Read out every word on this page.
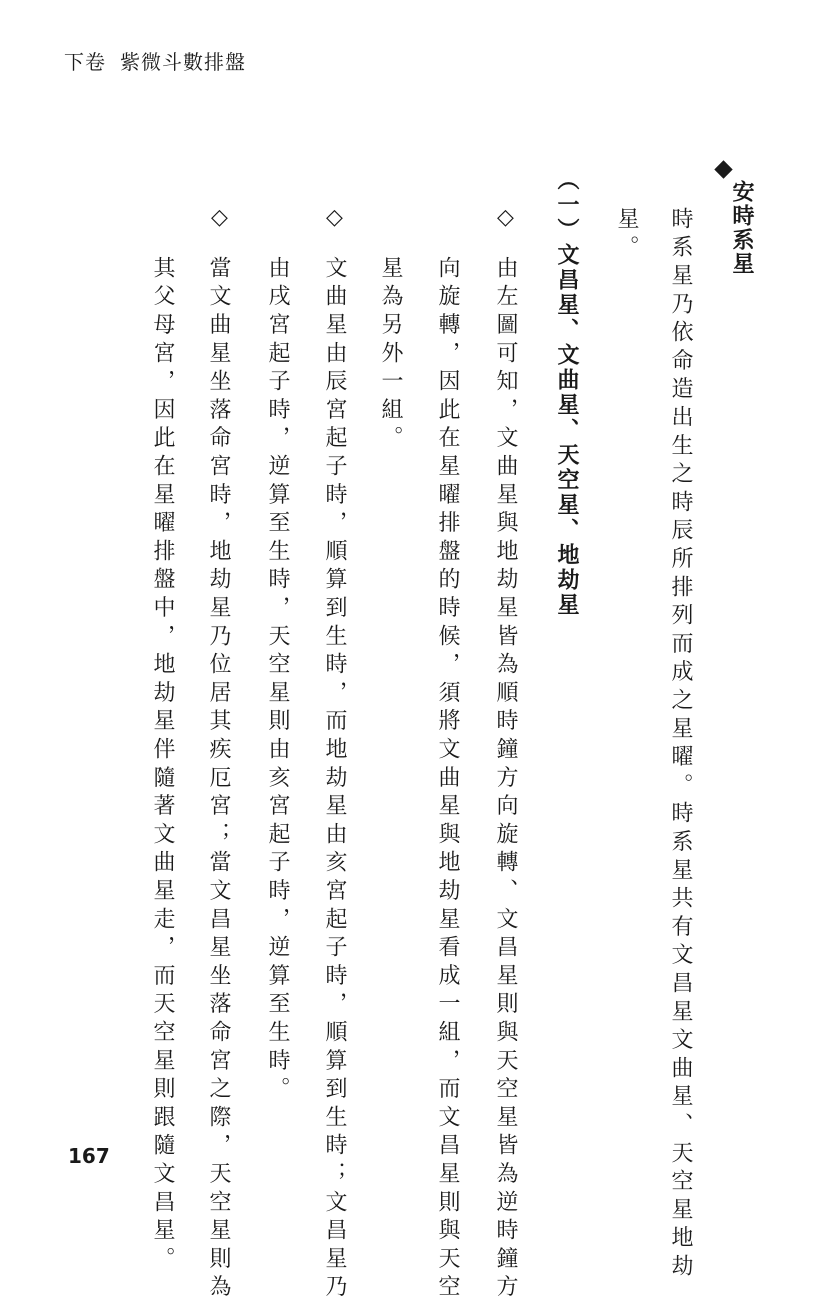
下卷 紫微斗數排盤
安時系星
時系星乃依命造出生之時辰所排列而成之星曜。時系星共有文昌星文曲星、天空星地劫
星。
（一）文昌星、文曲星、天空星、地劫星
◇
由左圖可知，文曲星與地劫星皆為順時鐘方向旋轉、文昌星則與天空星皆為逆時鐘方
向旋轉，因此在星曜排盤的時候，須將文曲星與地劫星看成一組，而文昌星則與天空
星為另外一組。
◇
文曲星由辰宮起子時，順算到生時，而地劫星由亥宮起子時，順算到生時；文昌星乃
由戌宮起子時，逆算至生時，天空星則由亥宮起子時，逆算至生時。
◇
當文曲星坐落命宮時，地劫星乃位居其疾厄宮；當文昌星坐落命宮之際，天空星則為
其父母宮，因此在星曜排盤中，地劫星伴隨著文曲星走，而天空星則跟隨文昌星。
167
